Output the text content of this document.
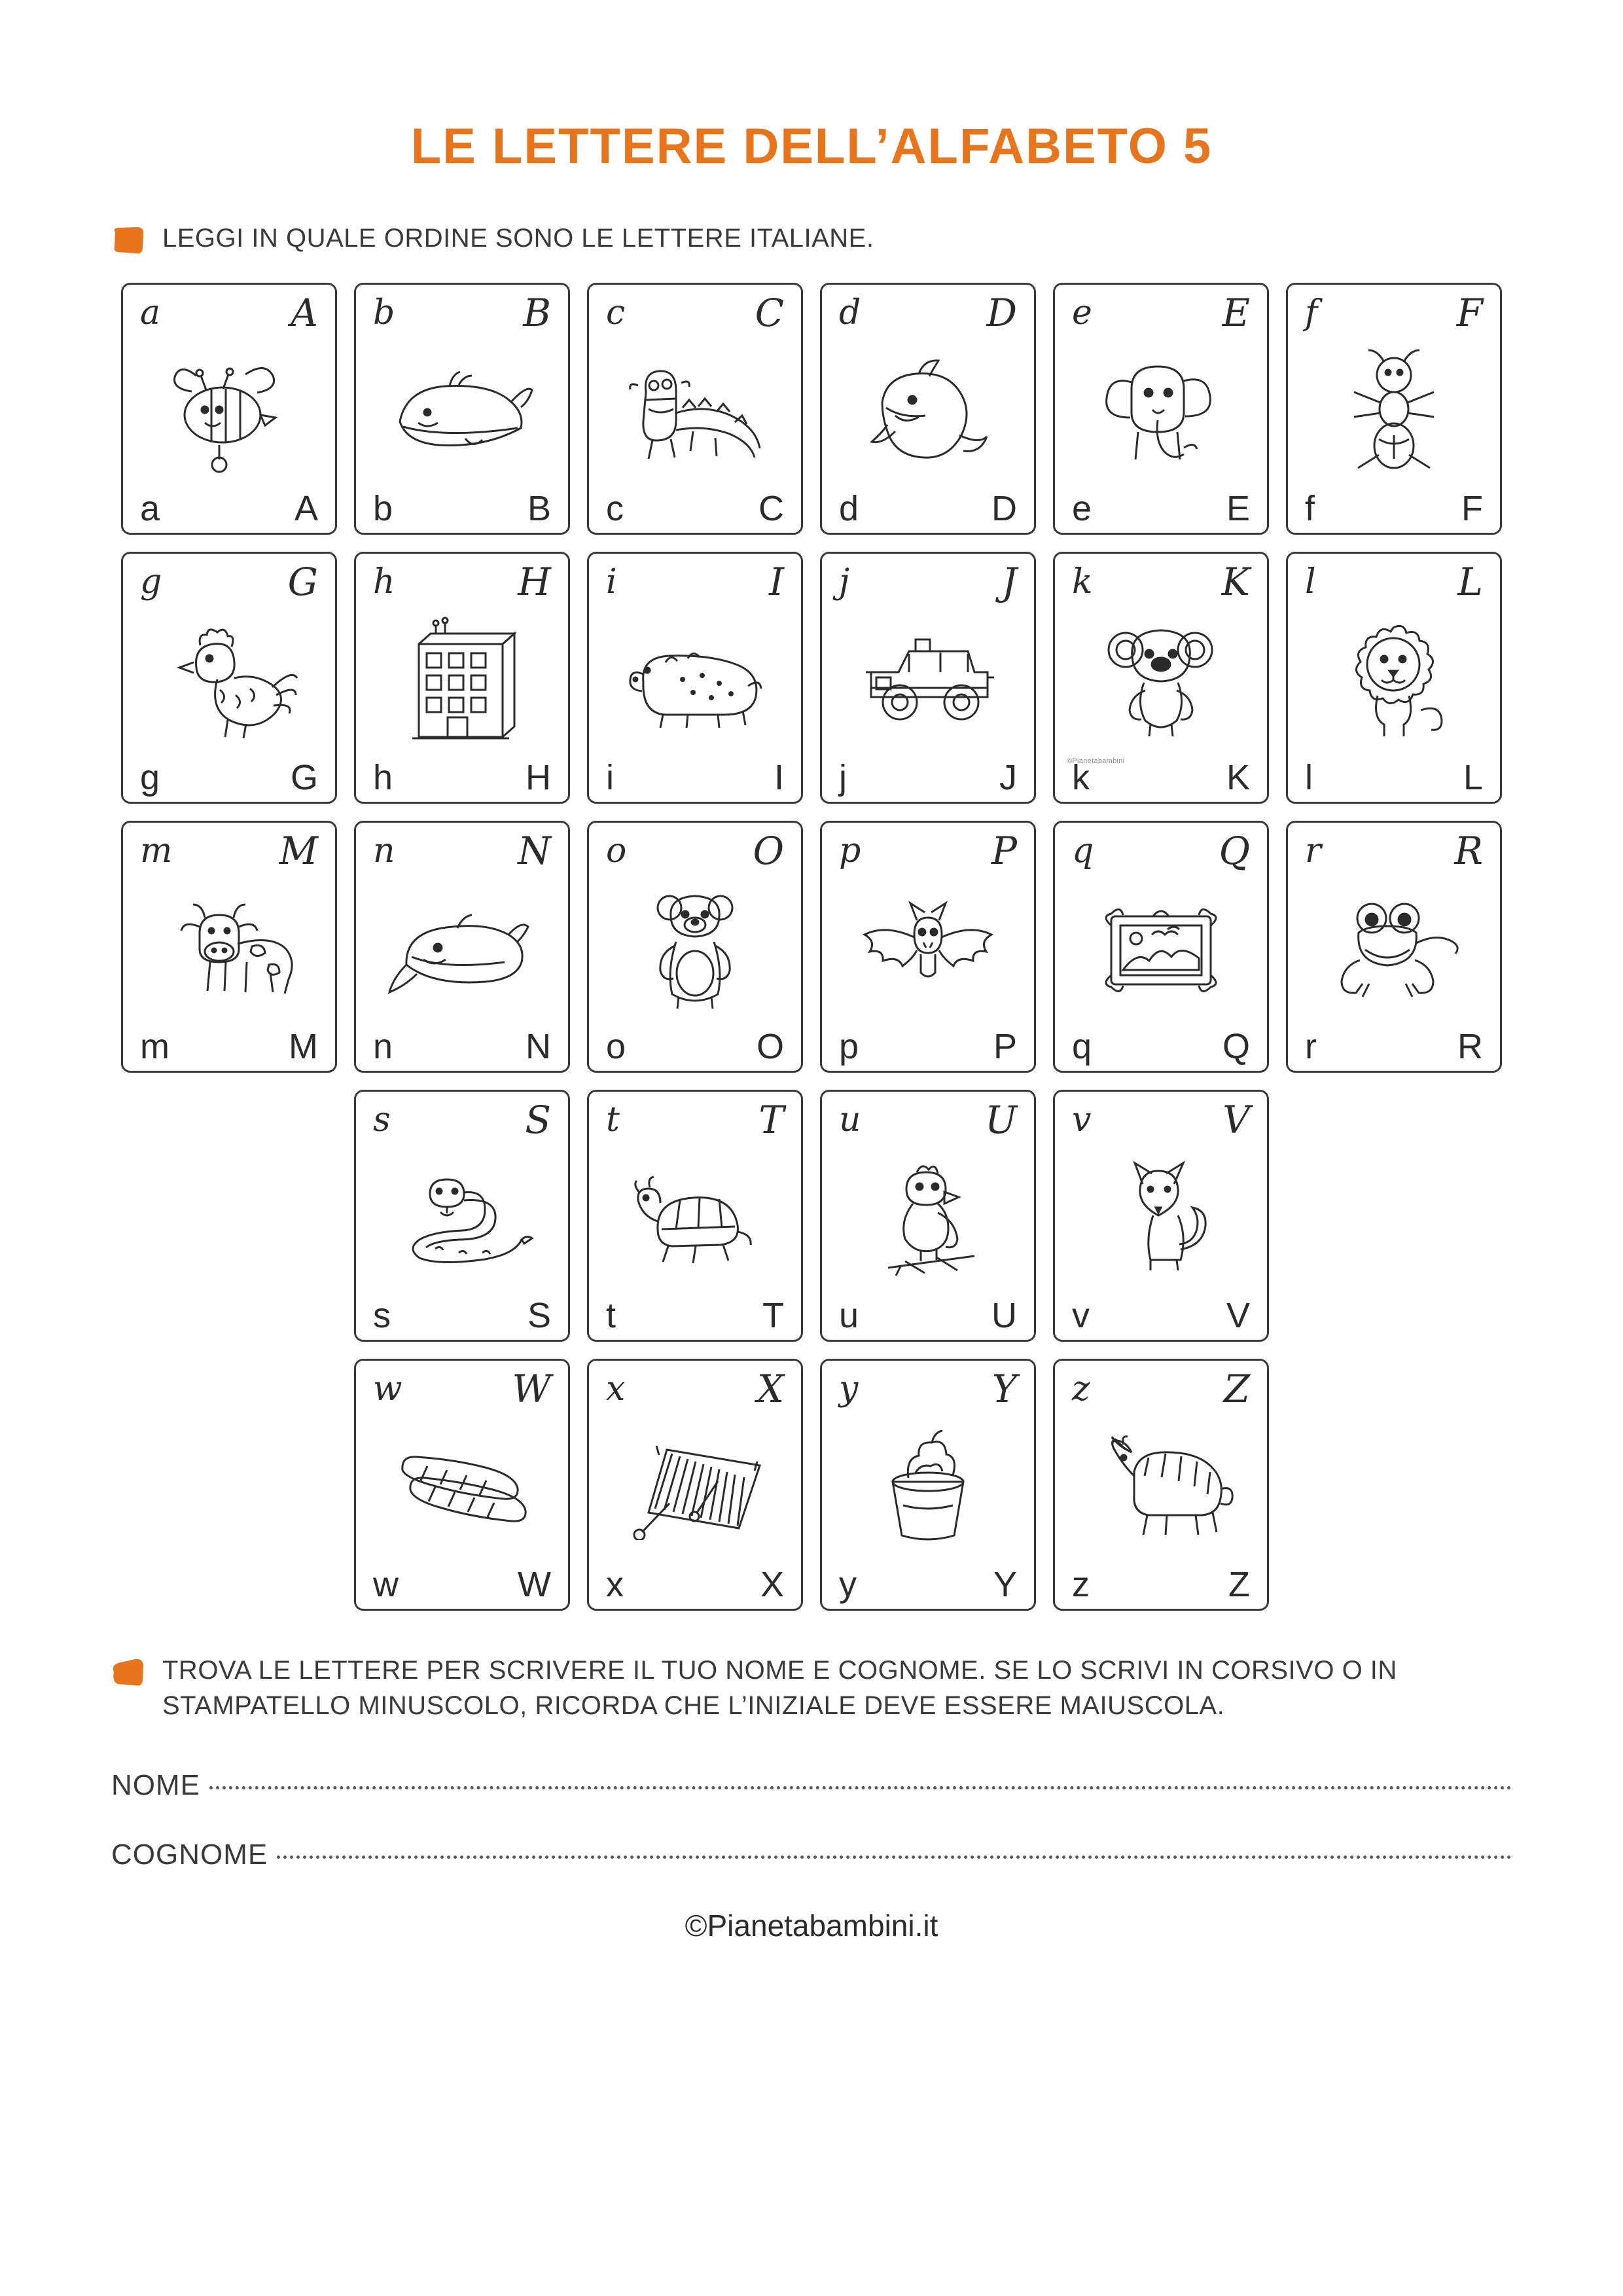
LE LETTERE DELL’ALFABETO 5
LEGGI IN QUALE ORDINE SONO LE LETTERE ITALIANE.
a	A
a	A
b	B
b	B
c	C
c	C
d	D
d	D
e	E
e	E
f	F
f	F
g	G
g	G
h	H
h	H
i	I
i	I
j	J
j	J
k	K
k	K
©Pianetabambini
l	L
l	L
m	M
m	M
n	N
n	N
o	O
o	O
p	P
p	P
q	Q
q	Q
r	R
r	R
s	S
s	S
t	T
t	T
u	U
u	U
v	V
v	V
w	W
w	W
x	X
x	X
y	Y
y	Y
z	Z
z	Z
TROVA LE LETTERE PER SCRIVERE IL TUO NOME E COGNOME. SE LO SCRIVI IN CORSIVO O IN STAMPATELLO MINUSCOLO, RICORDA CHE L’INIZIALE DEVE ESSERE MAIUSCOLA.
NOME
COGNOME
©Pianetabambini.it
